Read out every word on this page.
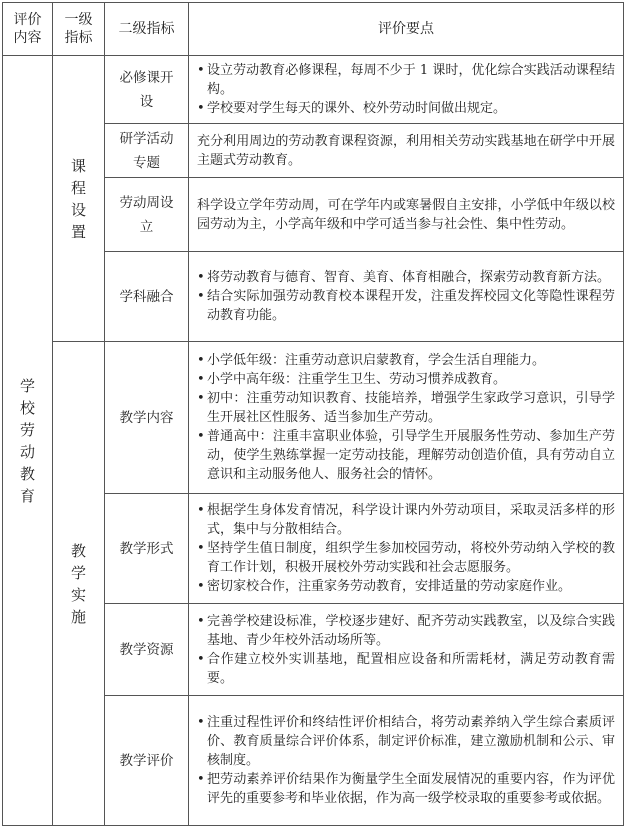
评价内容	一级指标	二级指标	评价要点

学校劳动教育	课程设置	必修课开设	• 设立劳动教育必修课程，每周不少于 1 课时，优化综合实践活动课程结构。
• 学校要对学生每天的课外、校外劳动时间做出规定。

		研学活动专题	充分利用周边的劳动教育课程资源，利用相关劳动实践基地在研学中开展主题式劳动教育。

		劳动周设立	科学设立学年劳动周，可在学年内或寒暑假自主安排，小学低中年级以校园劳动为主，小学高年级和中学可适当参与社会性、集中性劳动。

		学科融合	• 将劳动教育与德育、智育、美育、体育相融合，探索劳动教育新方法。
• 结合实际加强劳动教育校本课程开发，注重发挥校园文化等隐性课程劳动教育功能。

	教学实施	教学内容	• 小学低年级：注重劳动意识启蒙教育，学会生活自理能力。
• 小学中高年级：注重学生卫生、劳动习惯养成教育。
• 初中：注重劳动知识教育、技能培养，增强学生家政学习意识，引导学生开展社区性服务、适当参加生产劳动。
• 普通高中：注重丰富职业体验，引导学生开展服务性劳动、参加生产劳动，使学生熟练掌握一定劳动技能，理解劳动创造价值，具有劳动自立意识和主动服务他人、服务社会的情怀。

		教学形式	• 根据学生身体发育情况，科学设计课内外劳动项目，采取灵活多样的形式，集中与分散相结合。
• 坚持学生值日制度，组织学生参加校园劳动，将校外劳动纳入学校的教育工作计划，积极开展校外劳动实践和社会志愿服务。
• 密切家校合作，注重家务劳动教育，安排适量的劳动家庭作业。

		教学资源	• 完善学校建设标准，学校逐步建好、配齐劳动实践教室，以及综合实践基地、青少年校外活动场所等。
• 合作建立校外实训基地，配置相应设备和所需耗材，满足劳动教育需要。

		教学评价	• 注重过程性评价和终结性评价相结合，将劳动素养纳入学生综合素质评价、教育质量综合评价体系，制定评价标准，建立激励机制和公示、审核制度。
• 把劳动素养评价结果作为衡量学生全面发展情况的重要内容，作为评优评先的重要参考和毕业依据，作为高一级学校录取的重要参考或依据。
